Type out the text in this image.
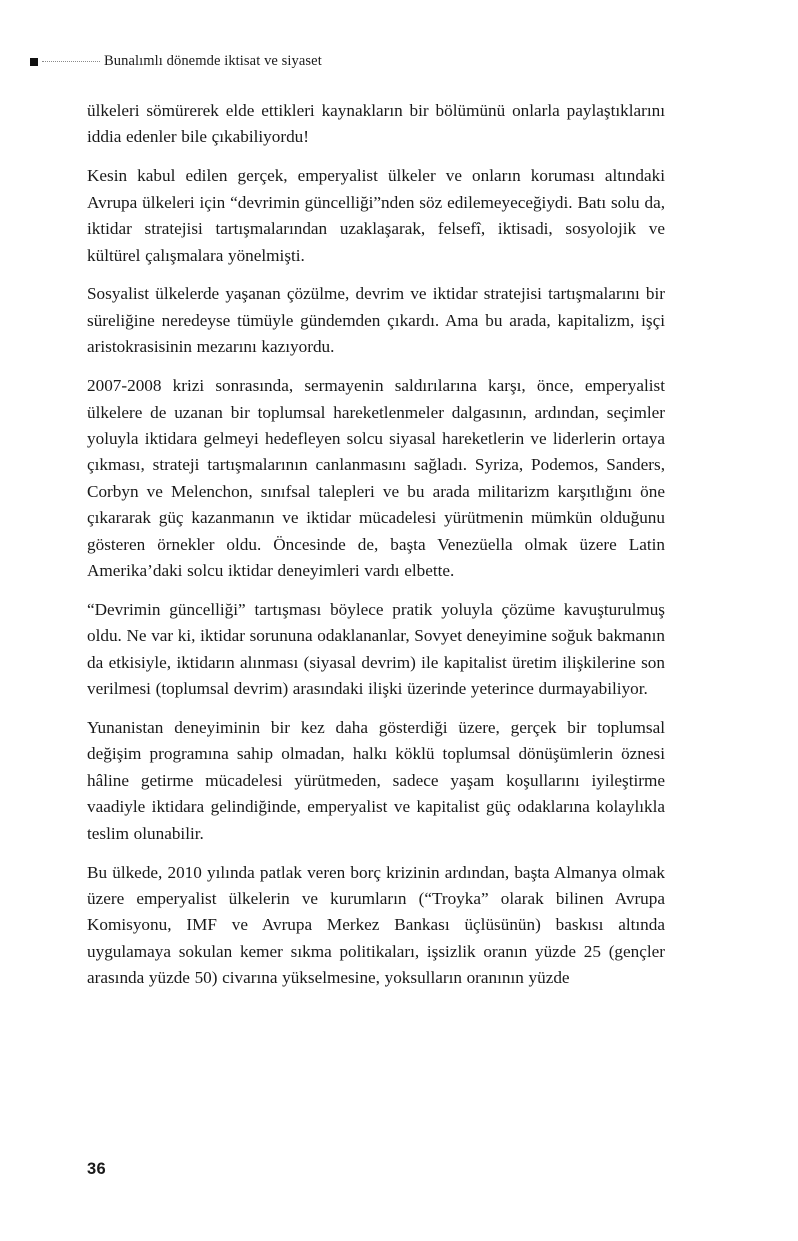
Bunalımlı dönemde iktisat ve siyaset

ülkeleri sömürerek elde ettikleri kaynakların bir bölümünü onlarla paylaştıklarını iddia edenler bile çıkabiliyordu!

Kesin kabul edilen gerçek, emperyalist ülkeler ve onların koruması altındaki Avrupa ülkeleri için “devrimin güncelliği”nden söz edilemeyeceğiydi. Batı solu da, iktidar stratejisi tartışmalarından uzaklaşarak, felsefî, iktisadi, sosyolojik ve kültürel çalışmalara yönelmişti.

Sosyalist ülkelerde yaşanan çözülme, devrim ve iktidar stratejisi tartışmalarını bir süreliğine neredeyse tümüyle gündemden çıkardı. Ama bu arada, kapitalizm, işçi aristokrasisinin mezarını kazıyordu.

2007-2008 krizi sonrasında, sermayenin saldırılarına karşı, önce, emperyalist ülkelere de uzanan bir toplumsal hareketlenmeler dalgasının, ardından, seçimler yoluyla iktidara gelmeyi hedefleyen solcu siyasal hareketlerin ve liderlerin ortaya çıkması, strateji tartışmalarının canlanmasını sağladı. Syriza, Podemos, Sanders, Corbyn ve Melenchon, sınıfsal talepleri ve bu arada militarizm karşıtlığını öne çıkararak güç kazanmanın ve iktidar mücadelesi yürütmenin mümkün olduğunu gösteren örnekler oldu. Öncesinde de, başta Venezüella olmak üzere Latin Amerika’daki solcu iktidar deneyimleri vardı elbette.

“Devrimin güncelliği” tartışması böylece pratik yoluyla çözüme kavuşturulmuş oldu. Ne var ki, iktidar sorununa odaklananlar, Sovyet deneyimine soğuk bakmanın da etkisiyle, iktidarın alınması (siyasal devrim) ile kapitalist üretim ilişkilerine son verilmesi (toplumsal devrim) arasındaki ilişki üzerinde yeterince durmayabiliyor.

Yunanistan deneyiminin bir kez daha gösterdiği üzere, gerçek bir toplumsal değişim programına sahip olmadan, halkı köklü toplumsal dönüşümlerin öznesi hâline getirme mücadelesi yürütmeden, sadece yaşam koşullarını iyileştirme vaadiyle iktidara gelindiğinde, emperyalist ve kapitalist güç odaklarına kolaylıkla teslim olunabilir.

Bu ülkede, 2010 yılında patlak veren borç krizinin ardından, başta Almanya olmak üzere emperyalist ülkelerin ve kurumların (“Troyka” olarak bilinen Avrupa Komisyonu, IMF ve Avrupa Merkez Bankası üçlüsünün) baskısı altında uygulamaya sokulan kemer sıkma politikaları, işsizlik oranın yüzde 25 (gençler arasında yüzde 50) civarına yükselmesine, yoksulların oranının yüzde

36
